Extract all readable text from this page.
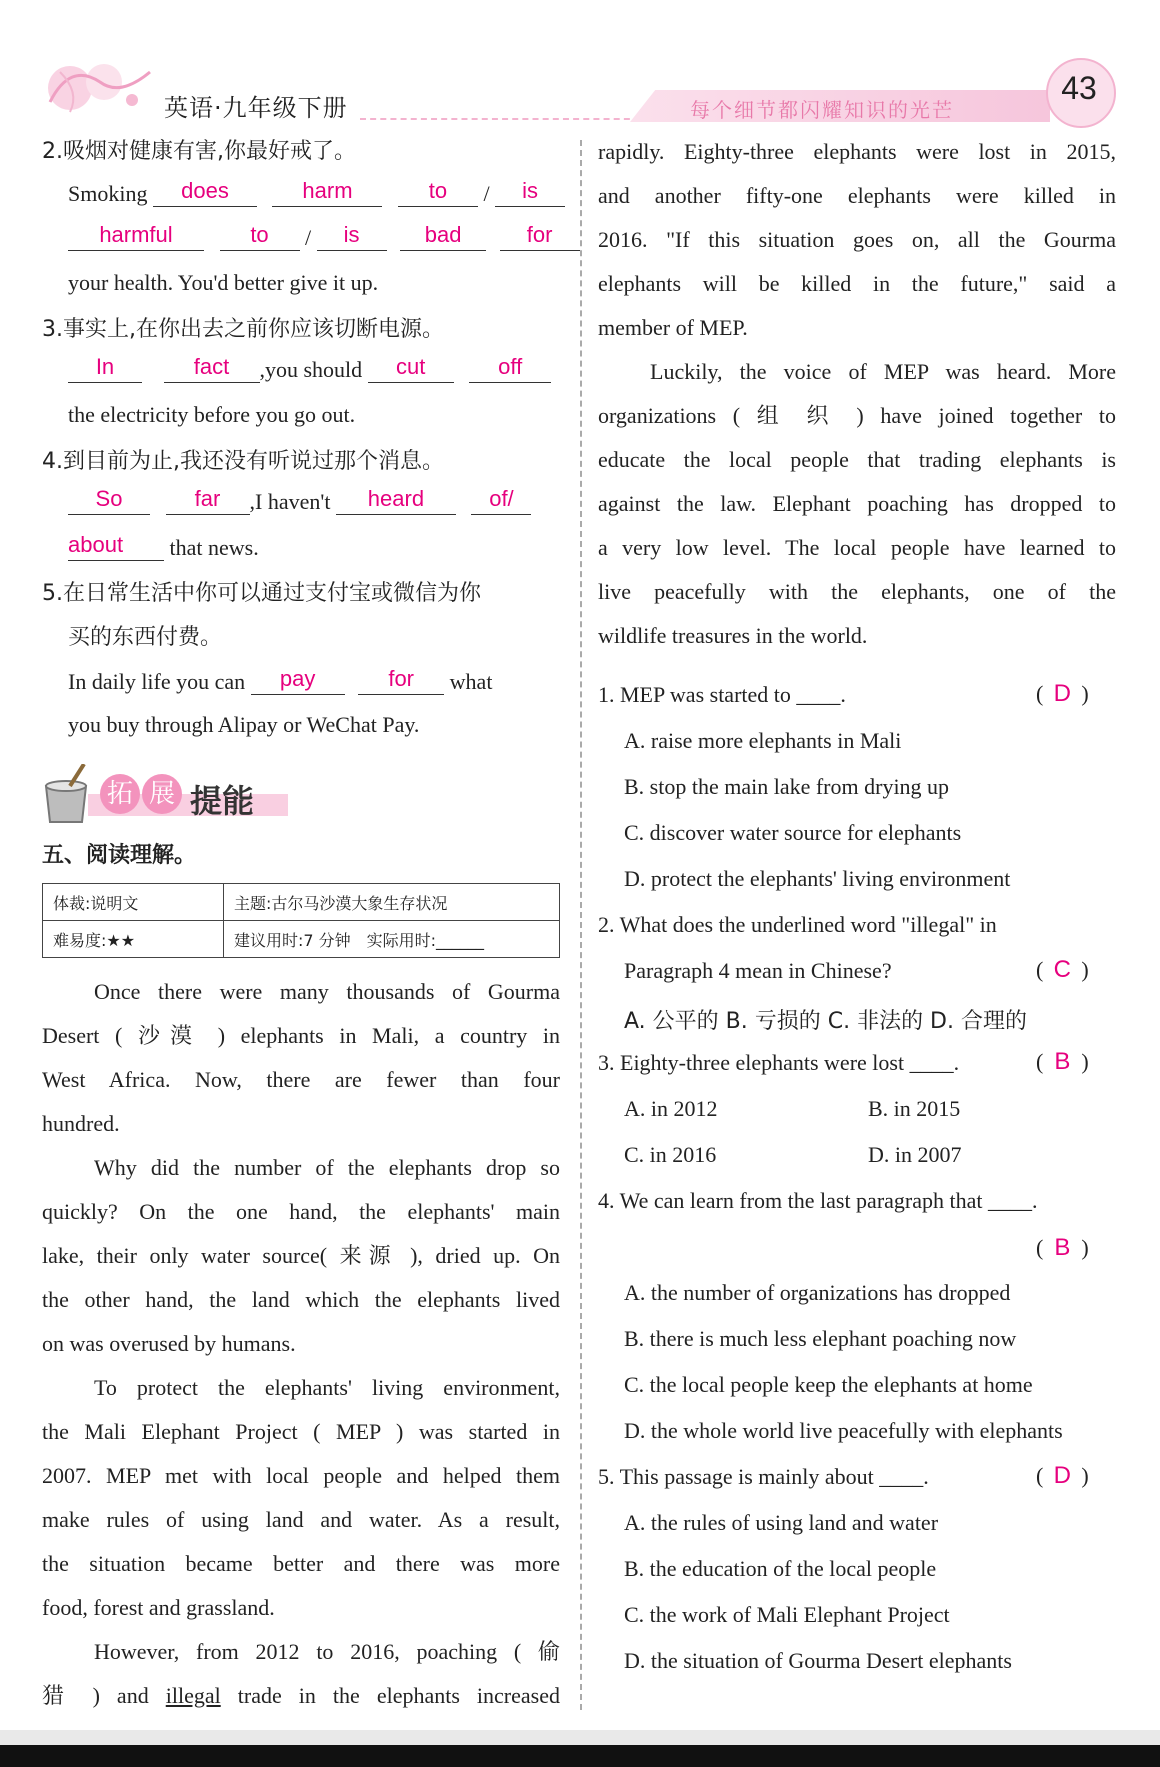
英语·九年级下册	每个细节都闪耀知识的光芒
43
2.吸烟对健康有害,你最好戒了。
Smoking does	harm	to / is
harmful	to / is	bad	for
your health. You'd better give it up.
3.事实上,在你出去之前你应该切断电源。
In	fact ,you should cut	off
the electricity before you go out.
4.到目前为止,我还没有听说过那个消息。
So	far ,I haven't heard	of/
about that news.
5.在日常生活中你可以通过支付宝或微信为你
买的东西付费。
In daily life you can pay	for what
you buy through Alipay or WeChat Pay.
拓 展 提能
五、阅读理解。
体裁:说明文	主题:古尔马沙漠大象生存状况
难易度:★★	建议用时:7 分钟　实际用时:______
Once there were many thousands of Gourma
Desert ( 沙漠 ) elephants in Mali, a country in
West Africa. Now, there are fewer than four
hundred.
Why did the number of the elephants drop so
quickly? On the one hand, the elephants' main
lake, their only water source( 来源 ), dried up. On
the other hand, the land which the elephants lived
on was overused by humans.
To protect the elephants' living environment,
the Mali Elephant Project ( MEP ) was started in
2007. MEP met with local people and helped them
make rules of using land and water. As a result,
the situation became better and there was more
food, forest and grassland.
However, from 2012 to 2016, poaching ( 偷
猎 ) and illegal trade in the elephants increased
rapidly. Eighty-three elephants were lost in 2015,
and another fifty-one elephants were killed in
2016. "If this situation goes on, all the Gourma
elephants will be killed in the future," said a
member of MEP.
Luckily, the voice of MEP was heard. More
organizations ( 组 织 ) have joined together to
educate the local people that trading elephants is
against the law. Elephant poaching has dropped to
a very low level. The local people have learned to
live peacefully with the elephants, one of the
wildlife treasures in the world.
1. MEP was started to ____.	( D )
A. raise more elephants in Mali
B. stop the main lake from drying up
C. discover water source for elephants
D. protect the elephants' living environment
2. What does the underlined word "illegal" in
Paragraph 4 mean in Chinese?	( C )
A. 公平的 B. 亏损的 C. 非法的 D. 合理的
3. Eighty-three elephants were lost ____.	( B )
A. in 2012	B. in 2015
C. in 2016	D. in 2007
4. We can learn from the last paragraph that ____.
( B )
A. the number of organizations has dropped
B. there is much less elephant poaching now
C. the local people keep the elephants at home
D. the whole world live peacefully with elephants
5. This passage is mainly about ____.	( D )
A. the rules of using land and water
B. the education of the local people
C. the work of Mali Elephant Project
D. the situation of Gourma Desert elephants
